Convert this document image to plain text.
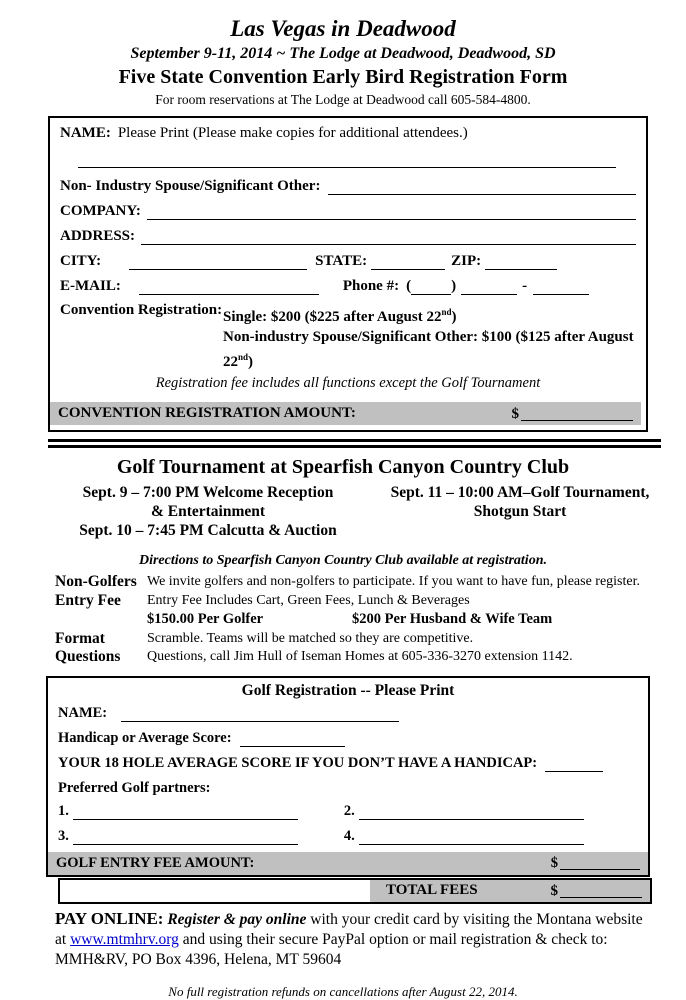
Las Vegas in Deadwood
September 9-11, 2014 ~ The Lodge at Deadwood, Deadwood, SD
Five State Convention Early Bird Registration Form
For room reservations at The Lodge at Deadwood call 605-584-4800.
NAME: Please Print (Please make copies for additional attendees.)
Non- Industry Spouse/Significant Other:
COMPANY:
ADDRESS:
CITY:	STATE:	ZIP:
E-MAIL:	Phone #: (	)	-
Convention Registration: Single: $200 ($225 after August 22nd)
Non-industry Spouse/Significant Other: $100 ($125 after August 22nd)
Registration fee includes all functions except the Golf Tournament
CONVENTION REGISTRATION AMOUNT:	$
Golf Tournament at Spearfish Canyon Country Club
Sept. 9 – 7:00 PM Welcome Reception
& Entertainment
Sept. 10 – 7:45 PM Calcutta & Auction
Sept. 11 – 10:00 AM–Golf Tournament,
Shotgun Start
Directions to Spearfish Canyon Country Club available at registration.
Non-Golfers We invite golfers and non-golfers to participate. If you want to have fun, please register.
Entry Fee	Entry Fee Includes Cart, Green Fees, Lunch & Beverages
$150.00 Per Golfer	$200 Per Husband & Wife Team
Format	Scramble. Teams will be matched so they are competitive.
Questions	Questions, call Jim Hull of Iseman Homes at 605-336-3270 extension 1142.
Golf Registration -- Please Print
NAME:
Handicap or Average Score:
YOUR 18 HOLE AVERAGE SCORE IF YOU DON’T HAVE A HANDICAP:
Preferred Golf partners:
1.	2.
3.	4.
GOLF ENTRY FEE AMOUNT:	$
TOTAL FEES	$
PAY ONLINE: Register & pay online with your credit card by visiting the Montana website at www.mtmhrv.org and using their secure PayPal option or mail registration & check to: MMH&RV, PO Box 4396, Helena, MT 59604
No full registration refunds on cancellations after August 22, 2014.
